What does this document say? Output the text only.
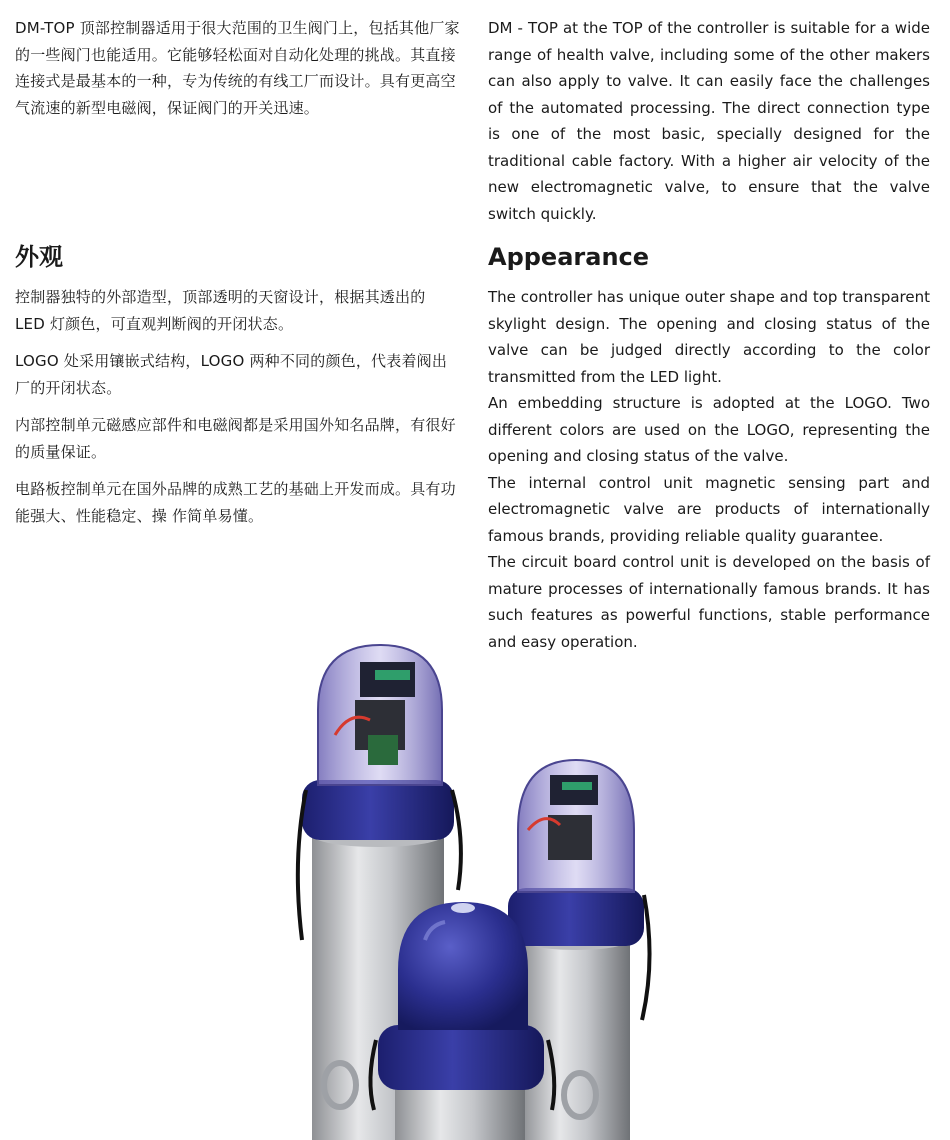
DM-TOP 顶部控制器适用于很大范围的卫生阀门上，包括其他厂家的一些阀门也能适用。它能够轻松面对自动化处理的挑战。其直接连接式是最基本的一种，专为传统的有线工厂而设计。具有更高空气流速的新型电磁阀，保证阀门的开关迅速。

外观

控制器独特的外部造型，顶部透明的天窗设计，根据其透出的 LED 灯颜色，可直观判断阀的开闭状态。

LOGO 处采用镶嵌式结构，LOGO 两种不同的颜色，代表着阀出厂的开闭状态。

内部控制单元磁感应部件和电磁阀都是采用国外知名品牌，有很好的质量保证。

电路板控制单元在国外品牌的成熟工艺的基础上开发而成。具有功能强大、性能稳定、操 作简单易懂。

DM - TOP at the TOP of the controller is suitable for a wide range of health valve, including some of the other makers can also apply to valve. It can easily face the challenges of the automated processing. The direct connection type is one of the most basic, specially designed for the traditional cable factory. With a higher air velocity of the new electromagnetic valve, to ensure that the valve switch quickly.

Appearance

The controller has unique outer shape and top transparent skylight design. The opening and closing status of the valve can be judged directly according to the color transmitted from the LED light.

An embedding structure is adopted at the LOGO. Two different colors are used on the LOGO, representing the opening and closing status of the valve.

The internal control unit magnetic sensing part and electromagnetic valve are products of internationally famous brands, providing reliable quality guarantee.

The circuit board control unit is developed on the basis of mature processes of internationally famous brands. It has such features as powerful functions, stable performance and easy operation.
